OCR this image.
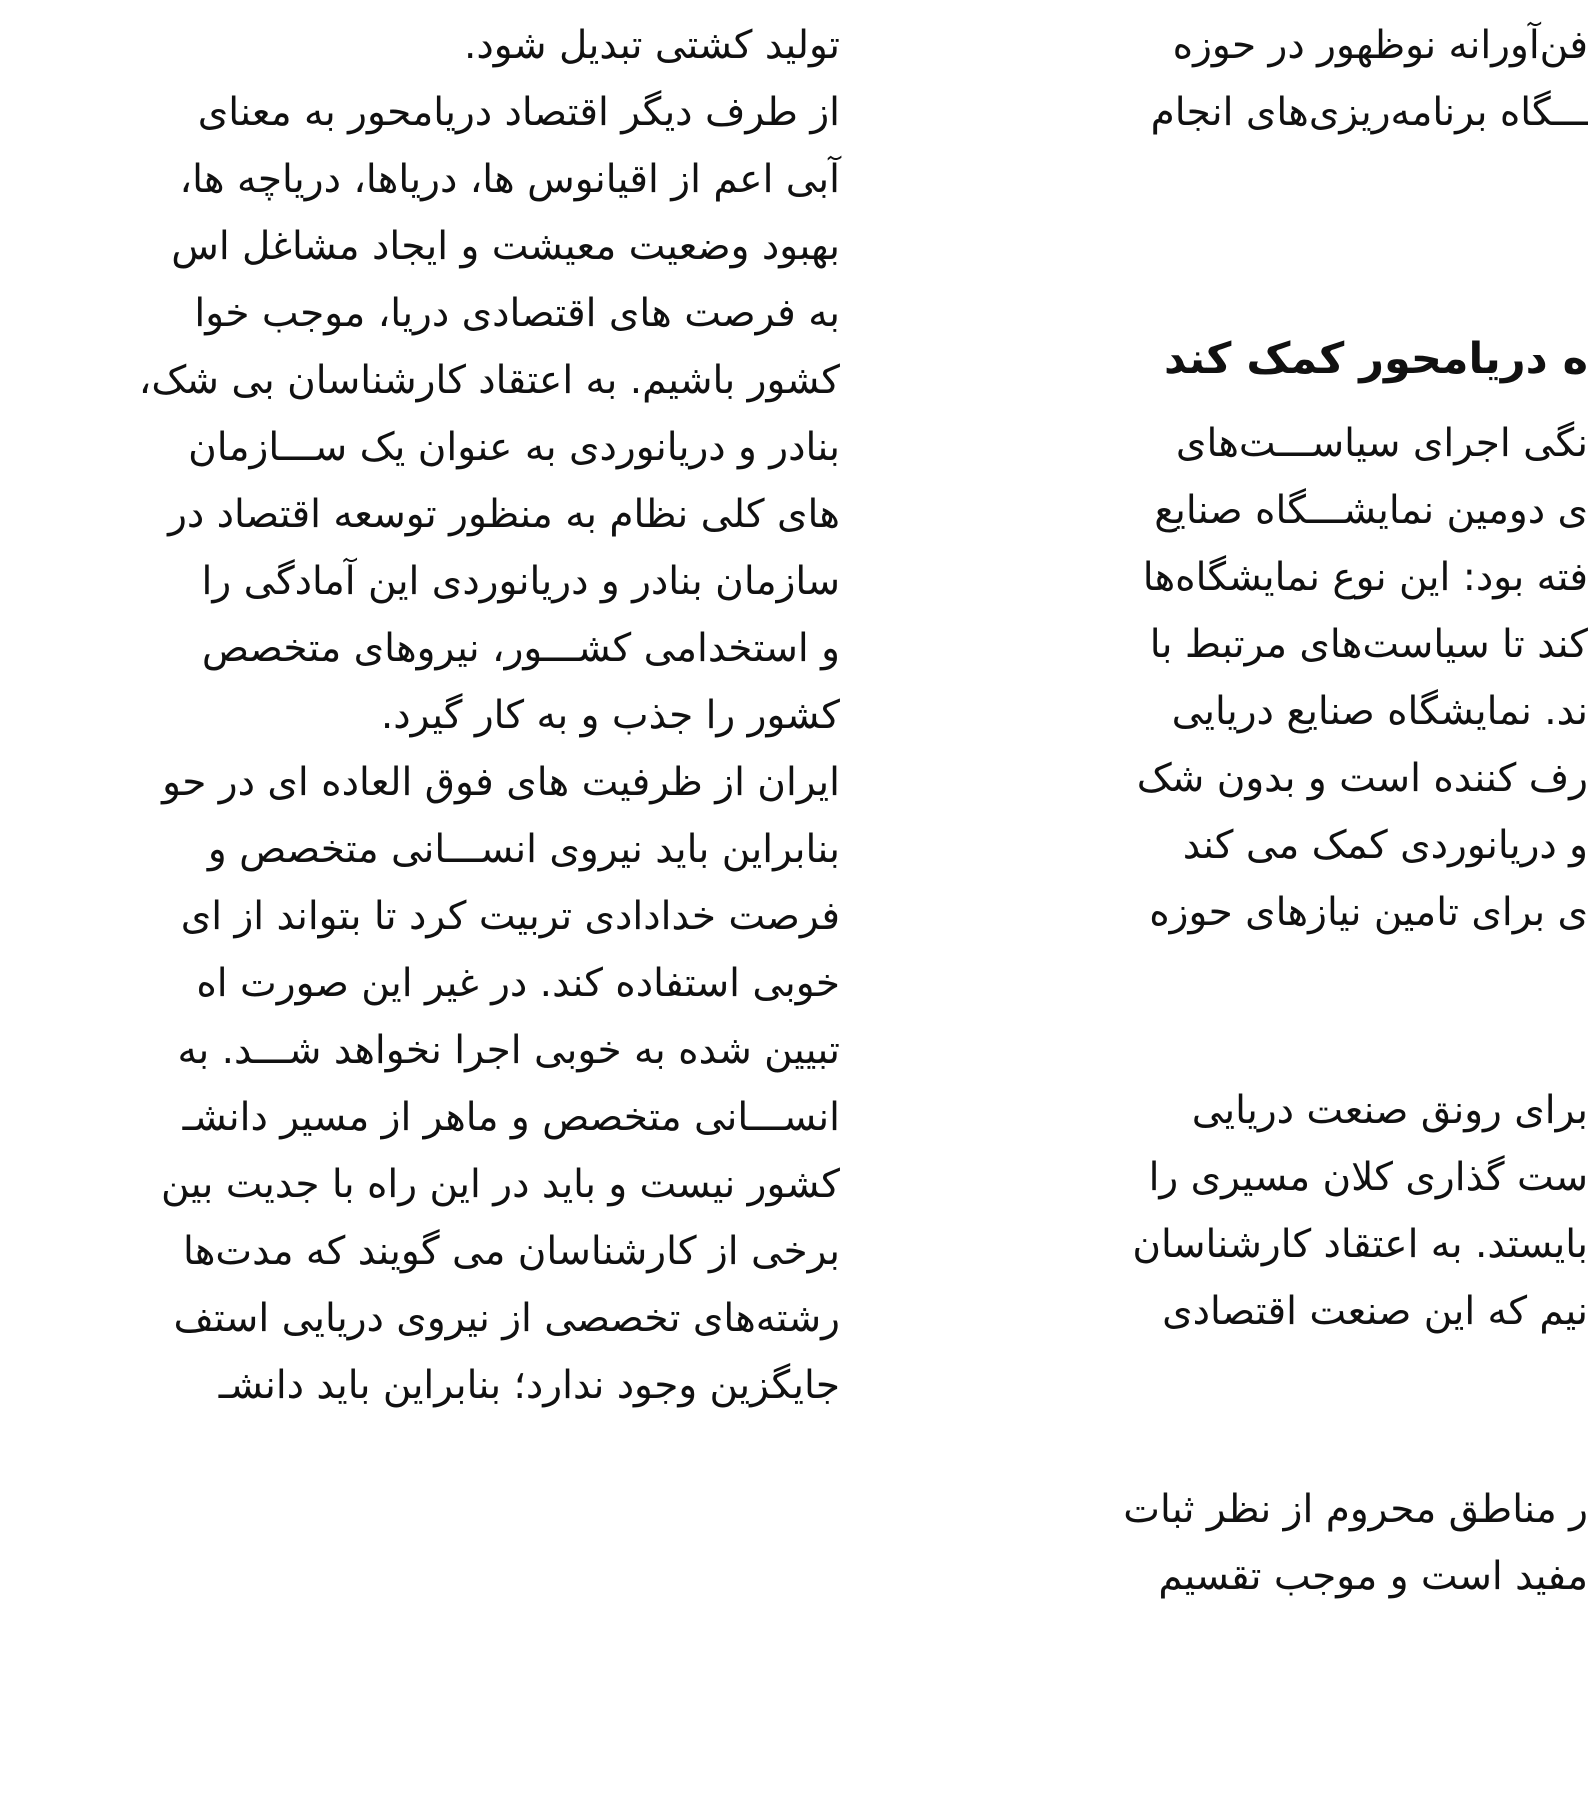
فن‌آورانه نوظهور در حوزه
ـــگاه برنامه‌ریزی‌های انجام
ه دریامحور کمک کند
نگی اجرای سیاســـت‌های
ی دومین نمایشـــگاه صنایع
فته بود: این نوع نمایشگاه‌ها
کند تا سیاست‌های مرتبط با
ند. نمایشگاه صنایع دریایی
رف کننده است و بدون شک
و دریانوردی کمک می کند
ی برای تامین نیازهای حوزه
برای رونق صنعت دریایی
ست گذاری کلان مسیری را
بایستد. به اعتقاد کارشناسان
نیم که این صنعت اقتصادی
ر مناطق محروم از نظر ثبات
مفید است و موجب تقسیم
تولید کشتی تبدیل شود.
از طرف دیگر اقتصاد دریامحور به معنای
آبی اعم از اقیانوس ها، دریاها، دریاچه ها،
بهبود وضعیت معیشت و ایجاد مشاغل اس
به فرصت های اقتصادی دریا، موجب خوا
کشور باشیم. به اعتقاد کارشناسان بی شک،
بنادر و دریانوردی به عنوان یک ســـازمان
های کلی نظام به منظور توسعه اقتصاد در
سازمان بنادر و دریانوردی این آمادگی را
و استخدامی کشـــور، نیروهای متخصص
کشور را جذب و به کار گیرد.
ایران از ظرفیت های فوق العاده ای در حو
بنابراین باید نیروی انســـانی متخصص و
فرصت خدادادی تربیت کرد تا بتواند از ای
خوبی استفاده کند. در غیر این صورت اه
تبیین شده به خوبی اجرا نخواهد شـــد. به
انســـانی متخصص و ماهر از مسیر دانشـ
کشور نیست و باید در این راه با جدیت بین
برخی از کارشناسان می گویند که مدت‌ها
رشته‌های تخصصی از نیروی دریایی استف
جایگزین وجود ندارد؛ بنابراین باید دانشـ
